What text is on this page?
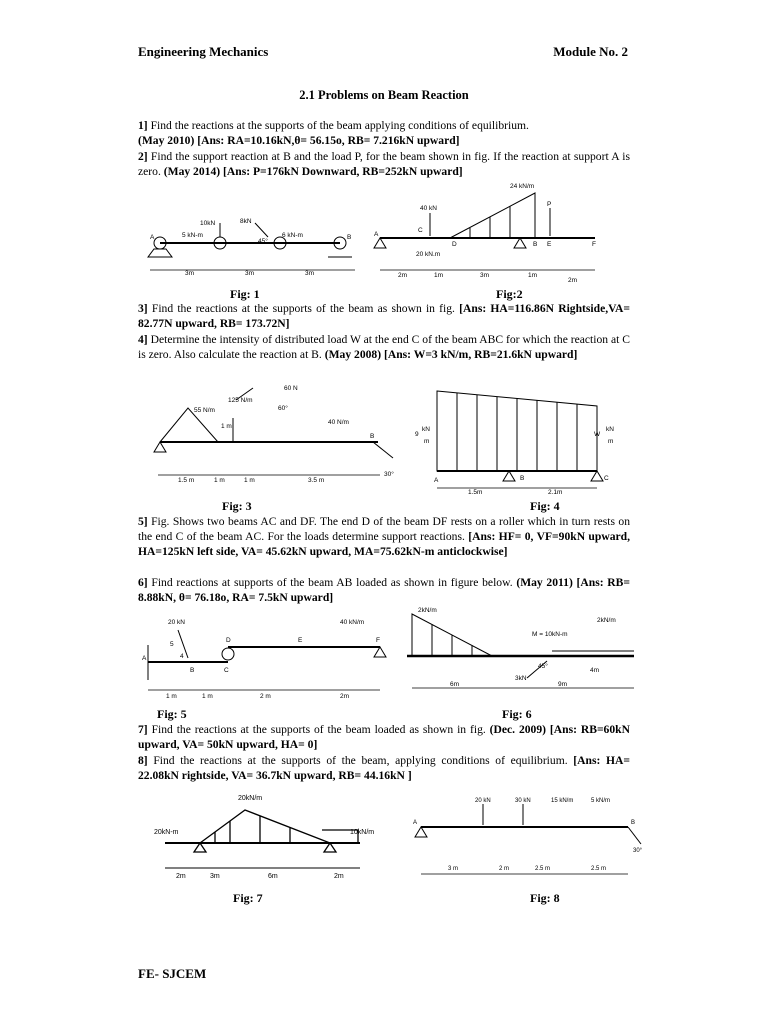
Engineering Mechanics	Module No. 2
2.1 Problems on Beam Reaction
1] Find the reactions at the supports of the beam applying conditions of equilibrium.
(May 2010) [Ans: RA=10.16kN,θ= 56.15o, RB= 7.216kN upward]
2] Find the support reaction at B and the load P, for the beam shown in fig. If the reaction at support A is zero. (May 2014) [Ans: P=176kN Downward, RB=252kN upward]
A	B
10kN	8kN
5 kN-m	6 kN-m
45°
3m	3m	3m
Fig: 1
24 kN/m
40 kN
P
A
C
D	B E	F
20 kN.m
2m	1m	3m	1m
2m
Fig:2
3] Find the reactions at the supports of the beam as shown in fig. [Ans: HA=116.86N Rightside,VA= 82.77N upward, RB= 173.72N]
4] Determine the intensity of distributed load W at the end C of the beam ABC for which the reaction at C is zero. Also calculate the reaction at B. (May 2008) [Ans: W=3 kN/m, RB=21.6kN upward]
60 N
125 N/m
60°
55 N/m
1 m
40 N/m
B
30°
1.5 m	1 m	1 m	3.5 m
Fig: 3
9
kN
m
W
kN
m
A	B	C
1.5m	2.1m
Fig: 4
5] Fig. Shows two beams AC and DF. The end D of the beam DF rests on a roller which in turn rests on the end C of the beam AC. For the loads determine support reactions. [Ans: HF= 0, VF=90kN upward, HA=125kN left side, VA= 45.62kN upward, MA=75.62kN-m anticlockwise]
6] Find reactions at supports of the beam AB loaded as shown in figure below. (May 2011) [Ans: RB= 8.88kN, θ= 76.18o, RA= 7.5kN upward]
20 kN
5
4
A
B	C
D	E	F
40 kN/m
1 m	1 m	2 m	2m
Fig: 5
2kN/m
M = 10kN-m
2kN/m
3kN
45°
4m
6m	9m
Fig: 6
7] Find the reactions at the supports of the beam loaded as shown in fig. (Dec. 2009) [Ans: RB=60kN upward, VA= 50kN upward, HA= 0]
8] Find the reactions at the supports of the beam, applying conditions of equilibrium. [Ans: HA= 22.08kN rightside, VA= 36.7kN upward, RB= 44.16kN ]
20kN/m
20kN-m	10kN/m
2m	3m	6m	2m
Fig: 7
20 kN	30 kN	15 kN/m	5 kN/m
A	B
30°
3 m	2 m	2.5 m	2.5 m
Fig: 8
FE- SJCEM
